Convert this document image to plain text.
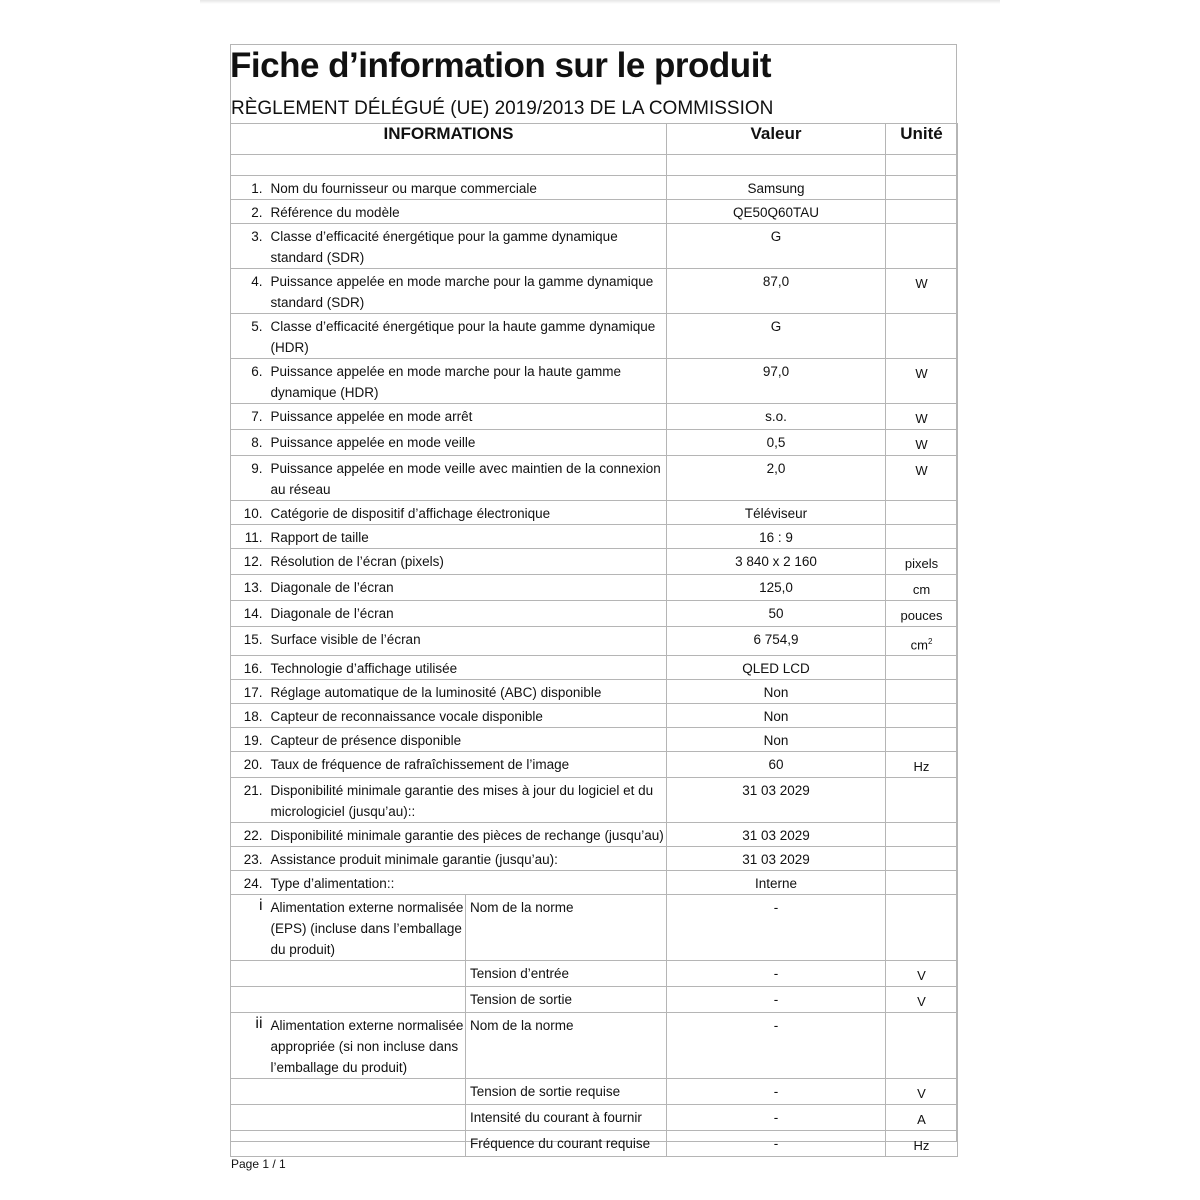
Fiche d’information sur le produit
RÈGLEMENT DÉLÉGUÉ (UE) 2019/2013 DE LA COMMISSION
INFORMATIONS			Valeur	Unité

1.	Nom du fournisseur ou marque commerciale		Samsung	
2.	Référence du modèle		QE50Q60TAU	
3.	Classe d’efficacité énergétique pour la gamme dynamique standard (SDR)		G	
4.	Puissance appelée en mode marche pour la gamme dynamique standard (SDR)		87,0	W
5.	Classe d’efficacité énergétique pour la haute gamme dynamique (HDR)		G	
6.	Puissance appelée en mode marche pour la haute gamme dynamique (HDR)		97,0	W
7.	Puissance appelée en mode arrêt		s.o.	W
8.	Puissance appelée en mode veille		0,5	W
9.	Puissance appelée en mode veille avec maintien de la connexion au réseau		2,0	W
10.	Catégorie de dispositif d’affichage électronique		Téléviseur	
11.	Rapport de taille		16 : 9	
12.	Résolution de l’écran (pixels)		3 840 x 2 160	pixels
13.	Diagonale de l’écran		125,0	cm
14.	Diagonale de l’écran		50	pouces
15.	Surface visible de l’écran		6 754,9	$cm^2$
16.	Technologie d’affichage utilisée		QLED LCD	
17.	Réglage automatique de la luminosité (ABC) disponible		Non	
18.	Capteur de reconnaissance vocale disponible		Non	
19.	Capteur de présence disponible		Non	
20.	Taux de fréquence de rafraîchissement de l’image		60	Hz
21.	Disponibilité minimale garantie des mises à jour du logiciel et du micrologiciel (jusqu’au)::		31 03 2029	
22.	Disponibilité minimale garantie des pièces de rechange (jusqu’au)		31 03 2029	
23.	Assistance produit minimale garantie (jusqu’au):		31 03 2029	
24.	Type d’alimentation::		Interne	
i	Alimentation externe normalisée (EPS) (incluse dans l’emballage du produit)	Nom de la norme	-	
		Tension d’entrée	-	V
		Tension de sortie	-	V
ii	Alimentation externe normalisée appropriée (si non incluse dans l’emballage du produit)	Nom de la norme	-	
		Tension de sortie requise	-	V
		Intensité du courant à fournir	-	A
		Fréquence du courant requise	-	Hz
Page 1 / 1
